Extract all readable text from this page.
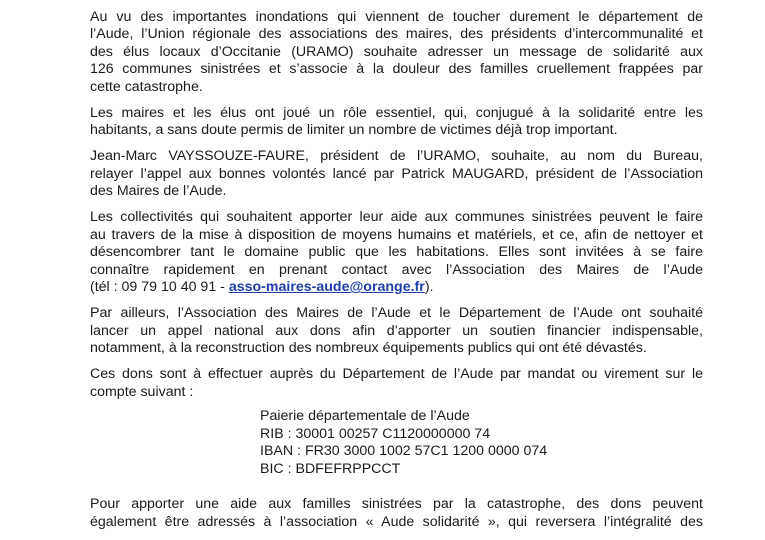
Au vu des importantes inondations qui viennent de toucher durement le département de
l’Aude, l’Union régionale des associations des maires, des présidents d’intercommunalité et
des élus locaux d’Occitanie (URAMO) souhaite adresser un message de solidarité aux
126 communes sinistrées et s’associe à la douleur des familles cruellement frappées par
cette catastrophe.

Les maires et les élus ont joué un rôle essentiel, qui, conjugué à la solidarité entre les
habitants, a sans doute permis de limiter un nombre de victimes déjà trop important.

Jean-Marc VAYSSOUZE-FAURE, président de l’URAMO, souhaite, au nom du Bureau,
relayer l’appel aux bonnes volontés lancé par Patrick MAUGARD, président de l’Association
des Maires de l’Aude.

Les collectivités qui souhaitent apporter leur aide aux communes sinistrées peuvent le faire
au travers de la mise à disposition de moyens humains et matériels, et ce, afin de nettoyer et
désencombrer tant le domaine public que les habitations. Elles sont invitées à se faire
connaître rapidement en prenant contact avec l’Association des Maires de l’Aude
(tél : 09 79 10 40 91 - asso-maires-aude@orange.fr).

Par ailleurs, l’Association des Maires de l’Aude et le Département de l’Aude ont souhaité
lancer un appel national aux dons afin d’apporter un soutien financier indispensable,
notamment, à la reconstruction des nombreux équipements publics qui ont été dévastés.

Ces dons sont à effectuer auprès du Département de l’Aude par mandat ou virement sur le
compte suivant :

Paierie départementale de l’Aude
RIB : 30001 00257 C1120000000 74
IBAN : FR30 3000 1002 57C1 1200 0000 074
BIC : BDFEFRPPCCT

Pour apporter une aide aux familles sinistrées par la catastrophe, des dons peuvent
également être adressés à l’association « Aude solidarité », qui reversera l’intégralité des
